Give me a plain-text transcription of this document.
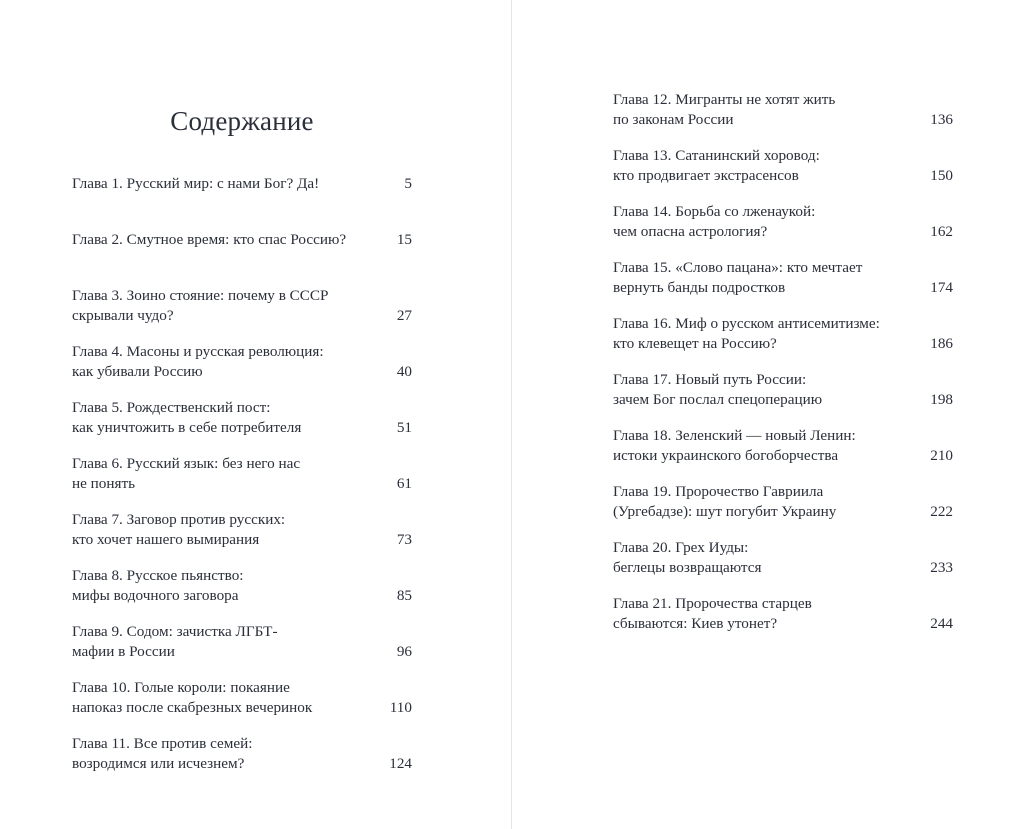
Содержание
Глава 1. Русский мир: с нами Бог? Да!	5
Глава 2. Смутное время: кто спас Россию?	15
Глава 3. Зоино стояние: почему в СССР
скрывали чудо?	27
Глава 4. Масоны и русская революция:
как убивали Россию	40
Глава 5. Рождественский пост:
как уничтожить в себе потребителя	51
Глава 6. Русский язык: без него нас
не понять	61
Глава 7. Заговор против русских:
кто хочет нашего вымирания	73
Глава 8. Русское пьянство:
мифы водочного заговора	85
Глава 9. Содом: зачистка ЛГБТ-
мафии в России	96
Глава 10. Голые короли: покаяние
напоказ после скабрезных вечеринок	110
Глава 11. Все против семей:
возродимся или исчезнем?	124
Глава 12. Мигранты не хотят жить
по законам России	136
Глава 13. Сатанинский хоровод:
кто продвигает экстрасенсов	150
Глава 14. Борьба со лженаукой:
чем опасна астрология?	162
Глава 15. «Слово пацана»: кто мечтает
вернуть банды подростков	174
Глава 16. Миф о русском антисемитизме:
кто клевещет на Россию?	186
Глава 17. Новый путь России:
зачем Бог послал спецоперацию	198
Глава 18. Зеленский — новый Ленин:
истоки украинского богоборчества	210
Глава 19. Пророчество Гавриила
(Ургебадзе): шут погубит Украину	222
Глава 20. Грех Иуды:
беглецы возвращаются	233
Глава 21. Пророчества старцев
сбываются: Киев утонет?	244
